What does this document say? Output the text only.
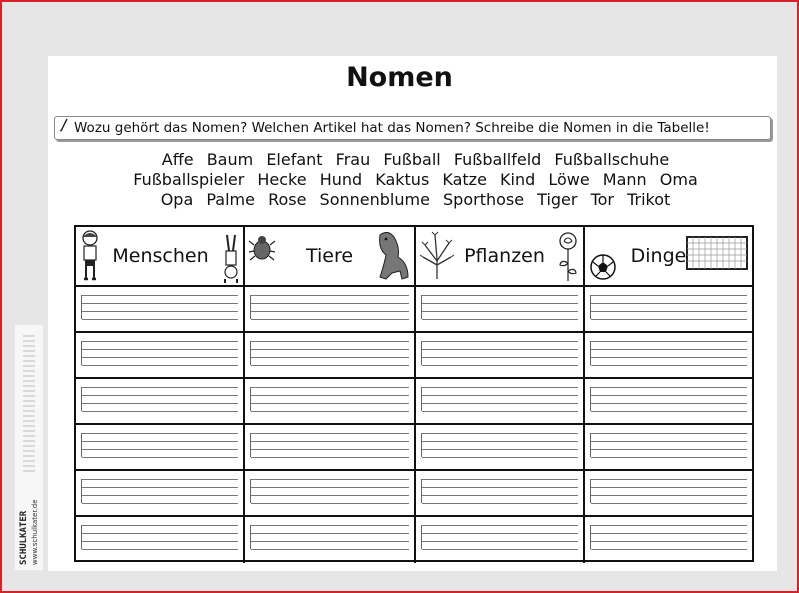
Nomen
Wozu gehört das Nomen? Welchen Artikel hat das Nomen? Schreibe die Nomen in die Tabelle!
Affe Baum Elefant Frau Fußball Fußballfeld Fußballschuhe
Fußballspieler Hecke Hund Kaktus Katze Kind Löwe Mann Oma
Opa Palme Rose Sonnenblume Sporthose Tiger Tor Trikot
Menschen	Tiere	Pflanzen	Dinge
SCHULKATER www.schulkater.de
